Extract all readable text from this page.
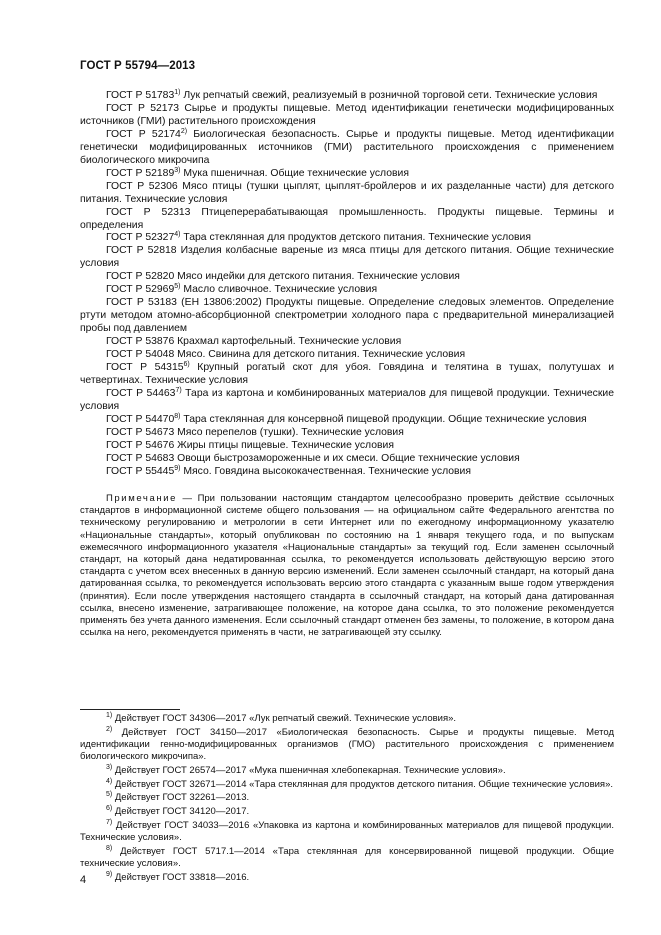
ГОСТ Р 55794—2013
ГОСТ Р 51783$^{1)}$ Лук репчатый свежий, реализуемый в розничной торговой сети. Технические условия
ГОСТ Р 52173 Сырье и продукты пищевые. Метод идентификации генетически модифицированных источников (ГМИ) растительного происхождения
ГОСТ Р 52174$^{2)}$ Биологическая безопасность. Сырье и продукты пищевые. Метод идентификации генетически модифицированных источников (ГМИ) растительного происхождения с применением биологического микрочипа
ГОСТ Р 52189$^{3)}$ Мука пшеничная. Общие технические условия
ГОСТ Р 52306 Мясо птицы (тушки цыплят, цыплят-бройлеров и их разделанные части) для детского питания. Технические условия
ГОСТ Р 52313 Птицеперерабатывающая промышленность. Продукты пищевые. Термины и определения
ГОСТ Р 52327$^{4)}$ Тара стеклянная для продуктов детского питания. Технические условия
ГОСТ Р 52818 Изделия колбасные вареные из мяса птицы для детского питания. Общие технические условия
ГОСТ Р 52820 Мясо индейки для детского питания. Технические условия
ГОСТ Р 52969$^{5)}$ Масло сливочное. Технические условия
ГОСТ Р 53183 (ЕН 13806:2002) Продукты пищевые. Определение следовых элементов. Определение ртути методом атомно-абсорбционной спектрометрии холодного пара с предварительной минерализацией пробы под давлением
ГОСТ Р 53876 Крахмал картофельный. Технические условия
ГОСТ Р 54048 Мясо. Свинина для детского питания. Технические условия
ГОСТ Р 54315$^{6)}$ Крупный рогатый скот для убоя. Говядина и телятина в тушах, полутушах и четвертинах. Технические условия
ГОСТ Р 54463$^{7)}$ Тара из картона и комбинированных материалов для пищевой продукции. Технические условия
ГОСТ Р 54470$^{8)}$ Тара стеклянная для консервной пищевой продукции. Общие технические условия
ГОСТ Р 54673 Мясо перепелов (тушки). Технические условия
ГОСТ Р 54676 Жиры птицы пищевые. Технические условия
ГОСТ Р 54683 Овощи быстрозамороженные и их смеси. Общие технические условия
ГОСТ Р 55445$^{9)}$ Мясо. Говядина высококачественная. Технические условия
Примечание — При пользовании настоящим стандартом целесообразно проверить действие ссылочных стандартов в информационной системе общего пользования — на официальном сайте Федерального агентства по техническому регулированию и метрологии в сети Интернет или по ежегодному информационному указателю «Национальные стандарты», который опубликован по состоянию на 1 января текущего года, и по выпускам ежемесячного информационного указателя «Национальные стандарты» за текущий год. Если заменен ссылочный стандарт, на который дана недатированная ссылка, то рекомендуется использовать действующую версию этого стандарта с учетом всех внесенных в данную версию изменений. Если заменен ссылочный стандарт, на который дана датированная ссылка, то рекомендуется использовать версию этого стандарта с указанным выше годом утверждения (принятия). Если после утверждения настоящего стандарта в ссылочный стандарт, на который дана датированная ссылка, внесено изменение, затрагивающее положение, на которое дана ссылка, то это положение рекомендуется применять без учета данного изменения. Если ссылочный стандарт отменен без замены, то положение, в котором дана ссылка на него, рекомендуется применять в части, не затрагивающей эту ссылку.
$^{1)}$ Действует ГОСТ 34306—2017 «Лук репчатый свежий. Технические условия».
$^{2)}$ Действует ГОСТ 34150—2017 «Биологическая безопасность. Сырье и продукты пищевые. Метод идентификации генно-модифицированных организмов (ГМО) растительного происхождения с применением биологического микрочипа».
$^{3)}$ Действует ГОСТ 26574—2017 «Мука пшеничная хлебопекарная. Технические условия».
$^{4)}$ Действует ГОСТ 32671—2014 «Тара стеклянная для продуктов детского питания. Общие технические условия».
$^{5)}$ Действует ГОСТ 32261—2013.
$^{6)}$ Действует ГОСТ 34120—2017.
$^{7)}$ Действует ГОСТ 34033—2016 «Упаковка из картона и комбинированных материалов для пищевой продукции. Технические условия».
$^{8)}$ Действует ГОСТ 5717.1—2014 «Тара стеклянная для консервированной пищевой продукции. Общие технические условия».
$^{9)}$ Действует ГОСТ 33818—2016.
4
